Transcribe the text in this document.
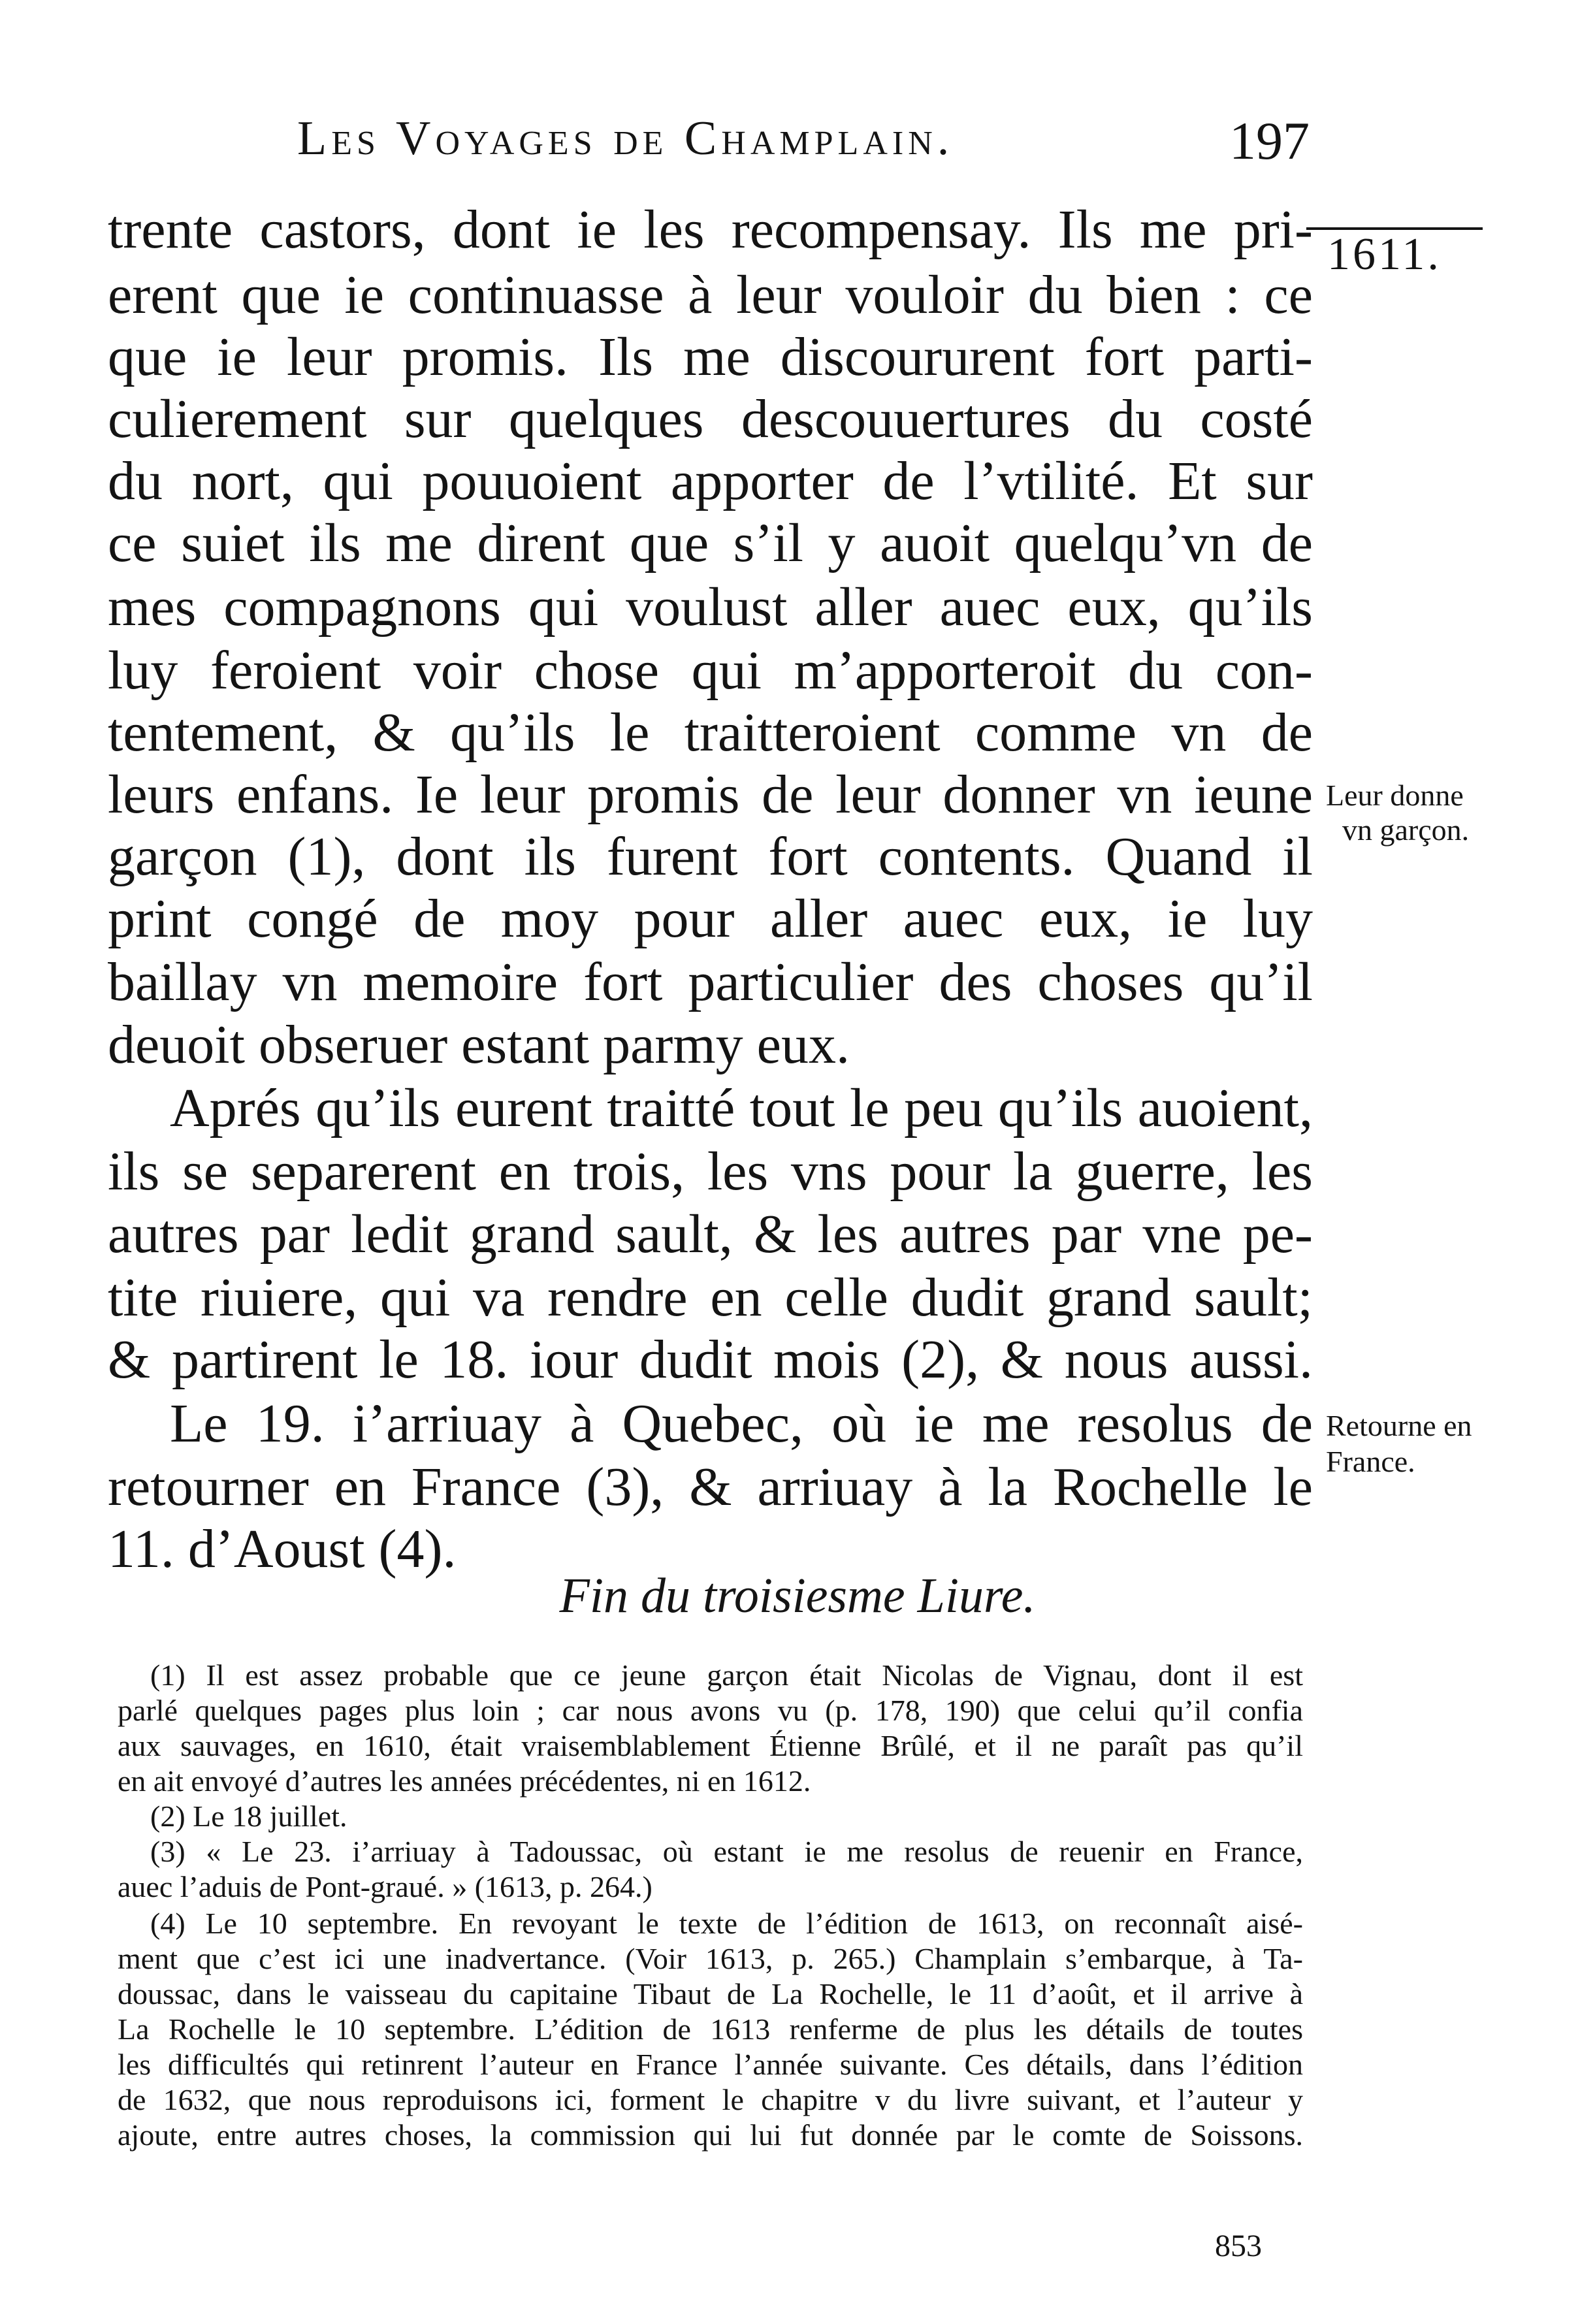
Les Voyages de Champlain.	197
1611.
trente castors, dont ie les recompensay. Ils me pri-
erent que ie continuasse à leur vouloir du bien : ce
que ie leur promis. Ils me discoururent fort parti-
culierement sur quelques descouuertures du costé
du nort, qui pouuoient apporter de l’vtilité. Et sur
ce suiet ils me dirent que s’il y auoit quelqu’vn de
mes compagnons qui voulust aller auec eux, qu’ils
luy feroient voir chose qui m’apporteroit du con-
tentement, & qu’ils le traitteroient comme vn de
leurs enfans. Ie leur promis de leur donner vn ieune
garçon (1), dont ils furent fort contents. Quand il
print congé de moy pour aller auec eux, ie luy
baillay vn memoire fort particulier des choses qu’il
deuoit obseruer estant parmy eux.
Aprés qu’ils eurent traitté tout le peu qu’ils auoient,
ils se separerent en trois, les vns pour la guerre, les
autres par ledit grand sault, & les autres par vne pe-
tite riuiere, qui va rendre en celle dudit grand sault;
& partirent le 18. iour dudit mois (2), & nous aussi.
Le 19. i’arriuay à Quebec, où ie me resolus de
retourner en France (3), & arriuay à la Rochelle le
11. d’Aoust (4).
Fin du troisiesme Liure.
Leur donne
vn garçon.
Retourne en
France.
(1) Il est assez probable que ce jeune garçon était Nicolas de Vignau, dont il est
parlé quelques pages plus loin ; car nous avons vu (p. 178, 190) que celui qu’il confia
aux sauvages, en 1610, était vraisemblablement Étienne Brûlé, et il ne paraît pas qu’il
en ait envoyé d’autres les années précédentes, ni en 1612.
(2) Le 18 juillet.
(3) « Le 23. i’arriuay à Tadoussac, où estant ie me resolus de reuenir en France,
auec l’aduis de Pont-graué. » (1613, p. 264.)
(4) Le 10 septembre. En revoyant le texte de l’édition de 1613, on reconnaît aisé-
ment que c’est ici une inadvertance. (Voir 1613, p. 265.) Champlain s’embarque, à Ta-
doussac, dans le vaisseau du capitaine Tibaut de La Rochelle, le 11 d’août, et il arrive à
La Rochelle le 10 septembre. L’édition de 1613 renferme de plus les détails de toutes
les difficultés qui retinrent l’auteur en France l’année suivante. Ces détails, dans l’édition
de 1632, que nous reproduisons ici, forment le chapitre v du livre suivant, et l’auteur y
ajoute, entre autres choses, la commission qui lui fut donnée par le comte de Soissons.
853
